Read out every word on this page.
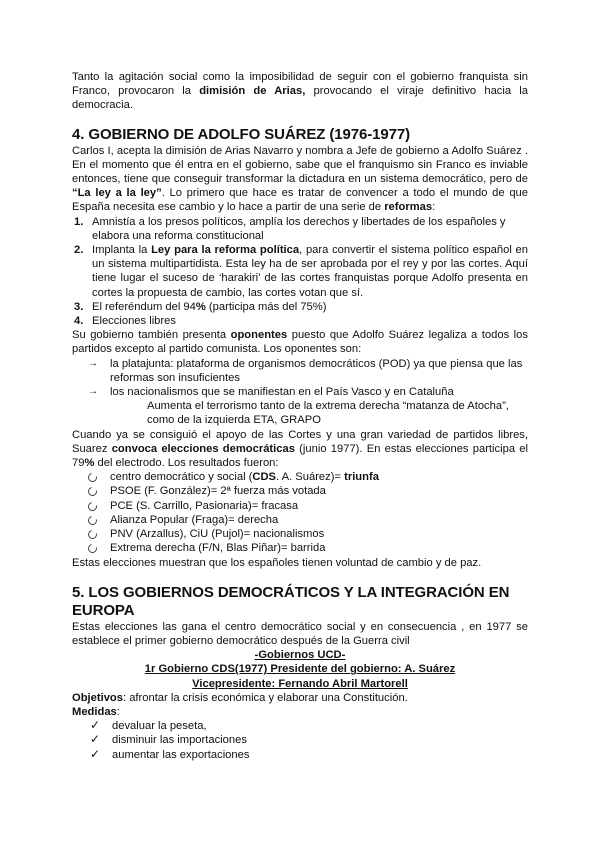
Tanto la agitación social como la imposibilidad de seguir con el gobierno franquista sin Franco, provocaron la dimisión de Arias, provocando el viraje definitivo hacia la democracia.

4. GOBIERNO DE ADOLFO SUÁREZ (1976-1977)

Carlos I, acepta la dimisión de Arias Navarro y nombra a Jefe de gobierno a Adolfo Suárez . En el momento que él entra en el gobierno, sabe que el franquismo sin Franco es inviable entonces, tiene que conseguir transformar la dictadura en un sistema democrático, pero de “La ley a la ley”. Lo primero que hace es tratar de convencer a todo el mundo de que España necesita ese cambio y lo hace a partir de una serie de reformas:

1. Amnistía a los presos políticos, amplía los derechos y libertades de los españoles y elabora una reforma constitucional
2. Implanta la Ley para la reforma política, para convertir el sistema político español en un sistema multipartidista. Esta ley ha de ser aprobada por el rey y por las cortes. Aquí tiene lugar el suceso de ‘harakiri’ de las cortes franquistas porque Adolfo presenta en cortes la propuesta de cambio, las cortes votan que sí.
3. El referéndum del 94% (participa más del 75%)
4. Elecciones libres

Su gobierno también presenta oponentes puesto que Adolfo Suárez legaliza a todos los partidos excepto al partido comunista. Los oponentes son:

→ la platajunta: plataforma de organismos democráticos (POD) ya que piensa que las reformas son insuficientes
→ los nacionalismos que se manifiestan en el País Vasco y en Cataluña

Aumenta el terrorismo tanto de la extrema derecha “matanza de Atocha”, como de la izquierda ETA, GRAPO

Cuando ya se consiguió el apoyo de las Cortes y una gran variedad de partidos libres, Suarez convoca elecciones democráticas (junio 1977). En estas elecciones participa el 79% del electrodo. Los resultados fueron:

centro democrático y social (CDS. A. Suárez)= triunfa
PSOE (F. González)= 2ª fuerza más votada
PCE (S. Carrillo, Pasionaria)= fracasa
Alianza Popular (Fraga)= derecha
PNV (Arzallus), CiU (Pujol)= nacionalismos
Extrema derecha (F/N, Blas Piñar)= barrida

Estas elecciones muestran que los españoles tienen voluntad de cambio y de paz.

5. LOS GOBIERNOS DEMOCRÁTICOS Y LA INTEGRACIÓN EN EUROPA

Estas elecciones las gana el centro democrático social y en consecuencia , en 1977 se establece el primer gobierno democrático después de la Guerra civil

-Gobiernos UCD-

1r Gobierno CDS(1977) Presidente del gobierno: A. Suárez

Vicepresidente: Fernando Abril Martorell

Objetivos: afrontar la crisis económica y elaborar una Constitución.

Medidas:

✓ devaluar la peseta,
✓ disminuir las importaciones
✓ aumentar las exportaciones
